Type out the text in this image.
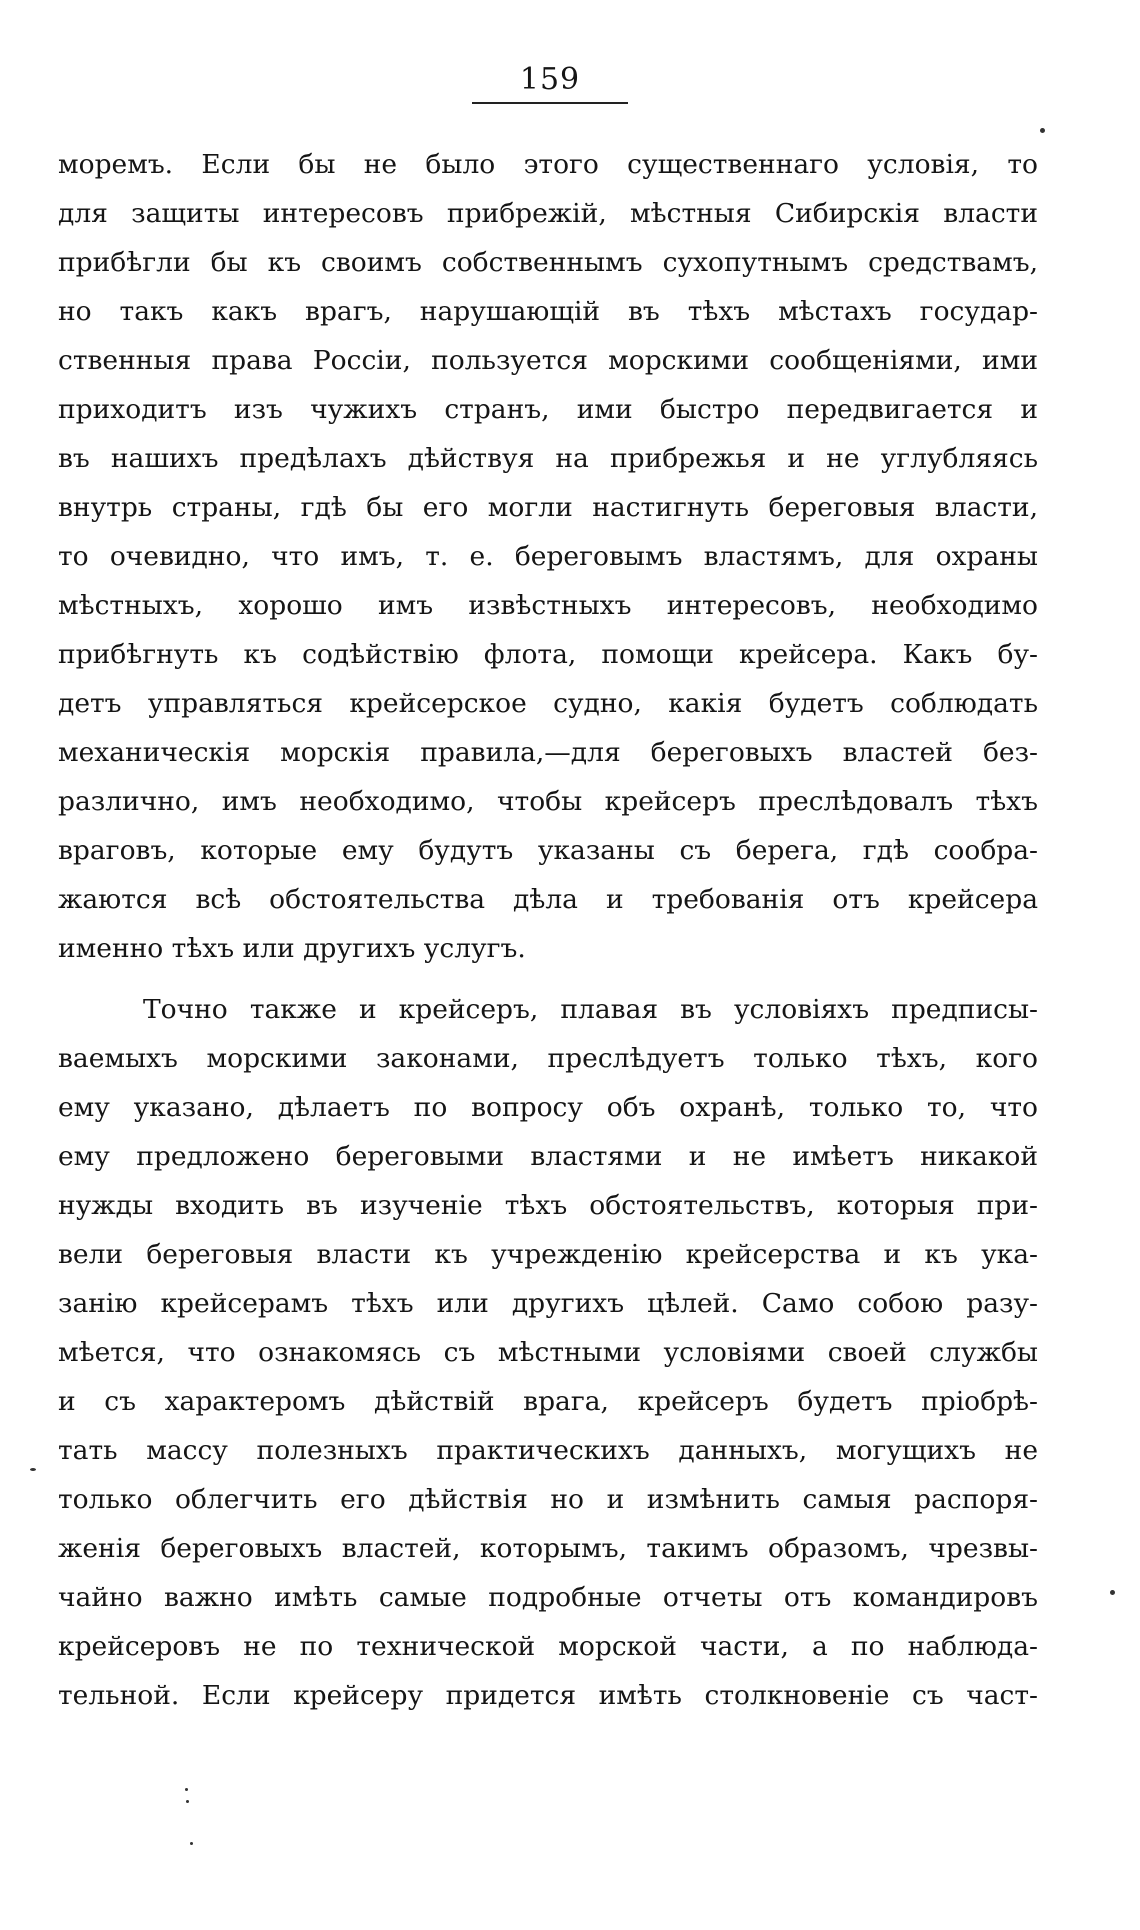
159
моремъ. Если бы не было этого существеннаго условія, то
для защиты интересовъ прибрежій, мѣстныя Сибирскія власти
прибѣгли бы къ своимъ собственнымъ сухопутнымъ средствамъ,
но такъ какъ врагъ, нарушающій въ тѣхъ мѣстахъ государ-
ственныя права Россіи, пользуется морскими сообщеніями, ими
приходитъ изъ чужихъ странъ, ими быстро передвигается и
въ нашихъ предѣлахъ дѣйствуя на прибрежья и не углубляясь
внутрь страны, гдѣ бы его могли настигнуть береговыя власти,
то очевидно, что имъ, т. е. береговымъ властямъ, для охраны
мѣстныхъ, хорошо имъ извѣстныхъ интересовъ, необходимо
прибѣгнуть къ содѣйствію флота, помощи крейсера. Какъ бу-
детъ управляться крейсерское судно, какія будетъ соблюдать
механическія морскія правила,—для береговыхъ властей без-
различно, имъ необходимо, чтобы крейсеръ преслѣдовалъ тѣхъ
враговъ, которые ему будутъ указаны съ берега, гдѣ сообра-
жаются всѣ обстоятельства дѣла и требованія отъ крейсера
именно тѣхъ или другихъ услугъ.
Точно также и крейсеръ, плавая въ условіяхъ предписы-
ваемыхъ морскими законами, преслѣдуетъ только тѣхъ, кого
ему указано, дѣлаетъ по вопросу объ охранѣ, только то, что
ему предложено береговыми властями и не имѣетъ никакой
нужды входить въ изученіе тѣхъ обстоятельствъ, которыя при-
вели береговыя власти къ учрежденію крейсерства и къ ука-
занію крейсерамъ тѣхъ или другихъ цѣлей. Само собою разу-
мѣется, что ознакомясь съ мѣстными условіями своей службы
и съ характеромъ дѣйствій врага, крейсеръ будетъ пріобрѣ-
тать массу полезныхъ практическихъ данныхъ, могущихъ не
только облегчить его дѣйствія но и измѣнить самыя распоря-
женія береговыхъ властей, которымъ, такимъ образомъ, чрезвы-
чайно важно имѣть самые подробные отчеты отъ командировъ
крейсеровъ не по технической морской части, а по наблюда-
тельной. Если крейсеру придется имѣть столкновеніе съ част-
